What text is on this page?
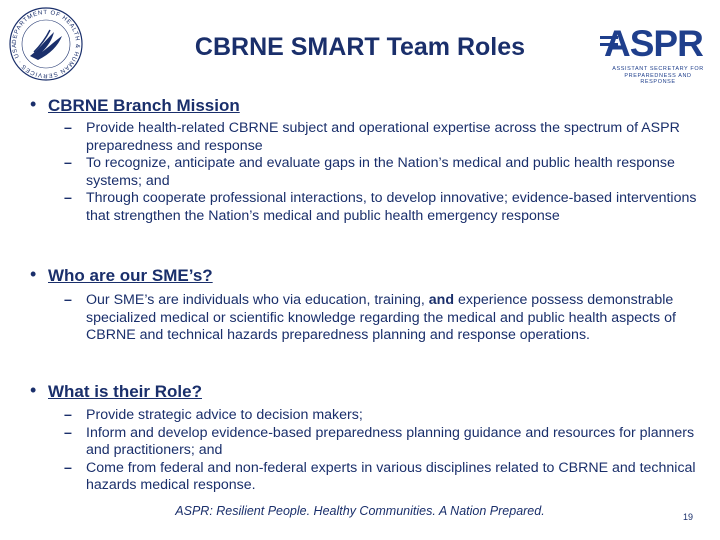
DEPARTMENT OF HEALTH & HUMAN SERVICES · USA	CBRNE SMART Team Roles	ASPR
ASSISTANT SECRETARY FOR PREPAREDNESS AND RESPONSE
• CBRNE Branch Mission
– Provide health-related CBRNE subject and operational expertise across the spectrum of ASPR preparedness and response
– To recognize, anticipate and evaluate gaps in the Nation’s medical and public health response systems; and
– Through cooperate professional interactions, to develop innovative; evidence-based interventions that strengthen the Nation’s medical and public health emergency response
• Who are our SME’s?
– Our SME’s are individuals who via education, training, and experience possess demonstrable specialized medical or scientific knowledge regarding the medical and public health aspects of CBRNE and technical hazards preparedness planning and response operations.
• What is their Role?
– Provide strategic advice to decision makers;
– Inform and develop evidence-based preparedness planning guidance and resources for planners and practitioners; and
– Come from federal and non-federal experts in various disciplines related to CBRNE and technical hazards medical response.
ASPR: Resilient People. Healthy Communities. A Nation Prepared.	19
